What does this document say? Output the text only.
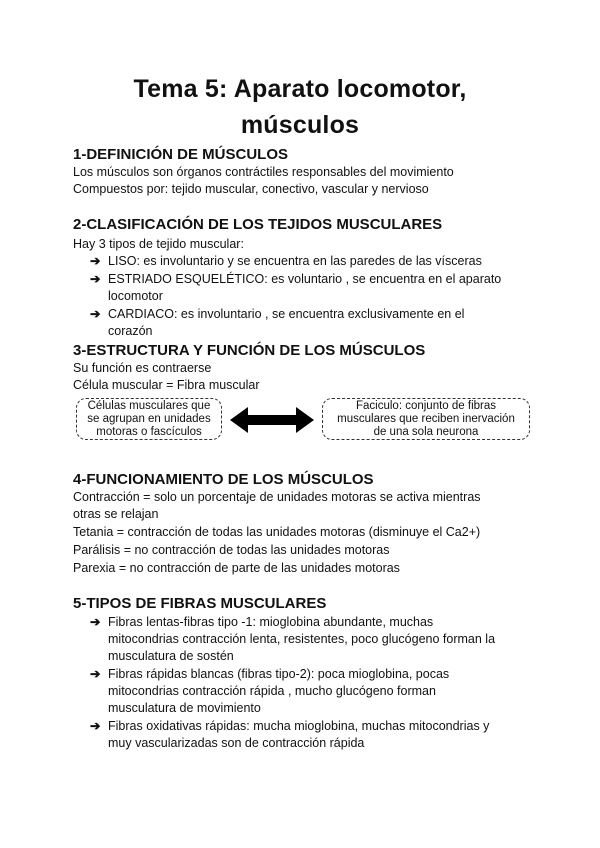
Tema 5: Aparato locomotor,
músculos
1-DEFINICIÓN DE MÚSCULOS
Los músculos son órganos contráctiles responsables del movimiento
Compuestos por: tejido muscular, conectivo, vascular y nervioso
2-CLASIFICACIÓN DE LOS TEJIDOS MUSCULARES
Hay 3 tipos de tejido muscular:
➔ LISO: es involuntario y se encuentra en las paredes de las vísceras
➔ ESTRIADO ESQUELÉTICO: es voluntario , se encuentra en el aparato
locomotor
➔ CARDIACO: es involuntario , se encuentra exclusivamente en el
corazón
3-ESTRUCTURA Y FUNCIÓN DE LOS MÚSCULOS
Su función es contraerse
Célula muscular = Fibra muscular
Células musculares que
se agrupan en unidades
motoras o fascículos
Faciculo: conjunto de fibras
musculares que reciben inervación
de una sola neurona
4-FUNCIONAMIENTO DE LOS MÚSCULOS
Contracción = solo un porcentaje de unidades motoras se activa mientras
otras se relajan
Tetania = contracción de todas las unidades motoras (disminuye el Ca2+)
Parálisis = no contracción de todas las unidades motoras
Parexia = no contracción de parte de las unidades motoras
5-TIPOS DE FIBRAS MUSCULARES
➔ Fibras lentas-fibras tipo -1: mioglobina abundante, muchas
mitocondrias contracción lenta, resistentes, poco glucógeno forman la
musculatura de sostén
➔ Fibras rápidas blancas (fibras tipo-2): poca mioglobina, pocas
mitocondrias contracción rápida , mucho glucógeno forman
musculatura de movimiento
➔ Fibras oxidativas rápidas: mucha mioglobina, muchas mitocondrias y
muy vascularizadas son de contracción rápida
